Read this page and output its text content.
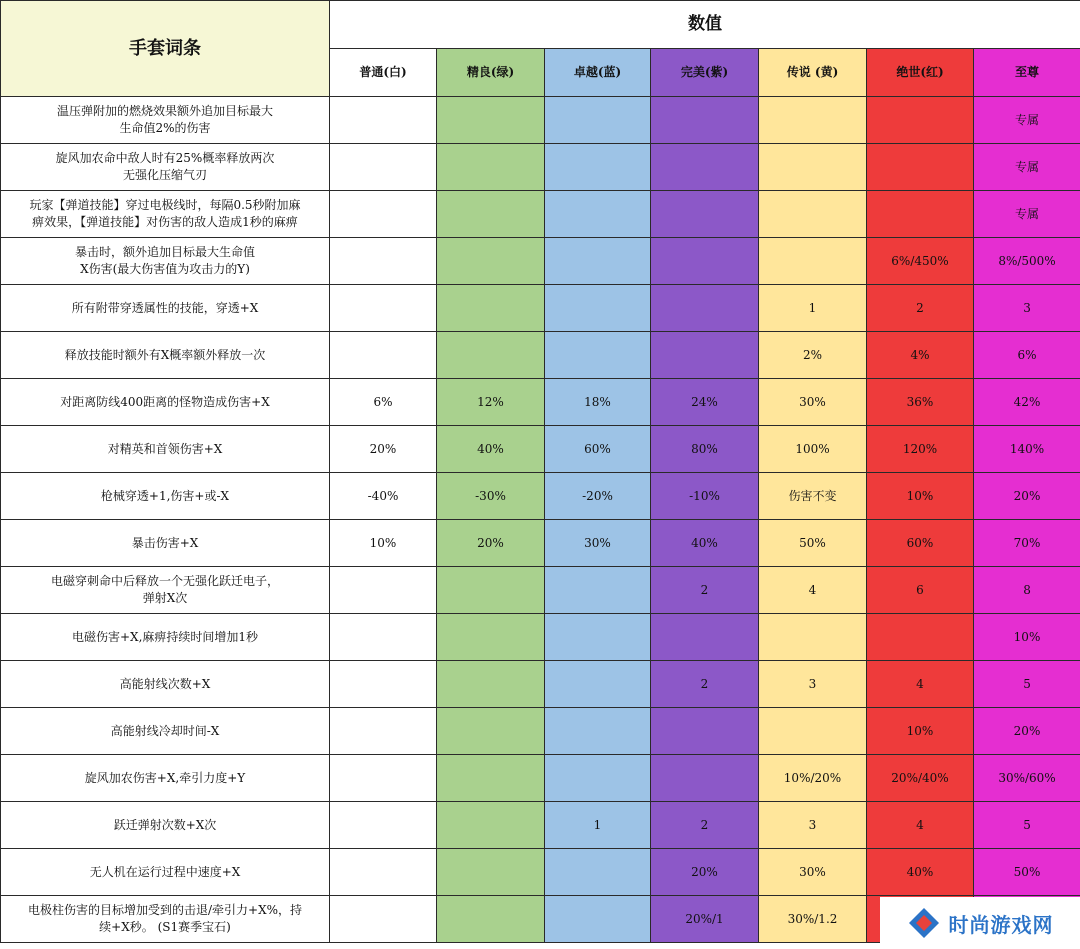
手套词条	数值						
	普通(白)	精良(绿)	卓越(蓝)	完美(紫)	传说 (黄)	绝世(红)	至尊

温压弹附加的燃烧效果额外追加目标最大
生命值2%的伤害							专属

旋风加农命中敌人时有25%概率释放两次
无强化压缩气刃							专属

玩家【弹道技能】穿过电极线时，每隔0.5秒附加麻
痹效果，【弹道技能】对伤害的敌人造成1秒的麻痹							专属

暴击时，额外追加目标最大生命值
X伤害(最大伤害值为攻击力的Y)						6%/450%	8%/500%

所有附带穿透属性的技能，穿透+X					1	2	3

释放技能时额外有X概率额外释放一次					2%	4%	6%

对距离防线400距离的怪物造成伤害+X	6%	12%	18%	24%	30%	36%	42%

对精英和首领伤害+X	20%	40%	60%	80%	100%	120%	140%

枪械穿透+1,伤害+或-X	-40%	-30%	-20%	-10%	伤害不变	10%	20%

暴击伤害+X	10%	20%	30%	40%	50%	60%	70%

电磁穿刺命中后释放一个无强化跃迁电子，
弹射X次				2	4	6	8

电磁伤害+X,麻痹持续时间增加1秒							10%

高能射线次数+X				2	3	4	5

高能射线冷却时间-X						10%	20%

旋风加农伤害+X,牵引力度+Y					10%/20%	20%/40%	30%/60%

跃迁弹射次数+X次			1	2	3	4	5

无人机在运行过程中速度+X				20%	30%	40%	50%

电极柱伤害的目标增加受到的击退/牵引力+X%，持
续+X秒。 (S1赛季宝石)				20%/1	30%/1.2			时尚游戏网
